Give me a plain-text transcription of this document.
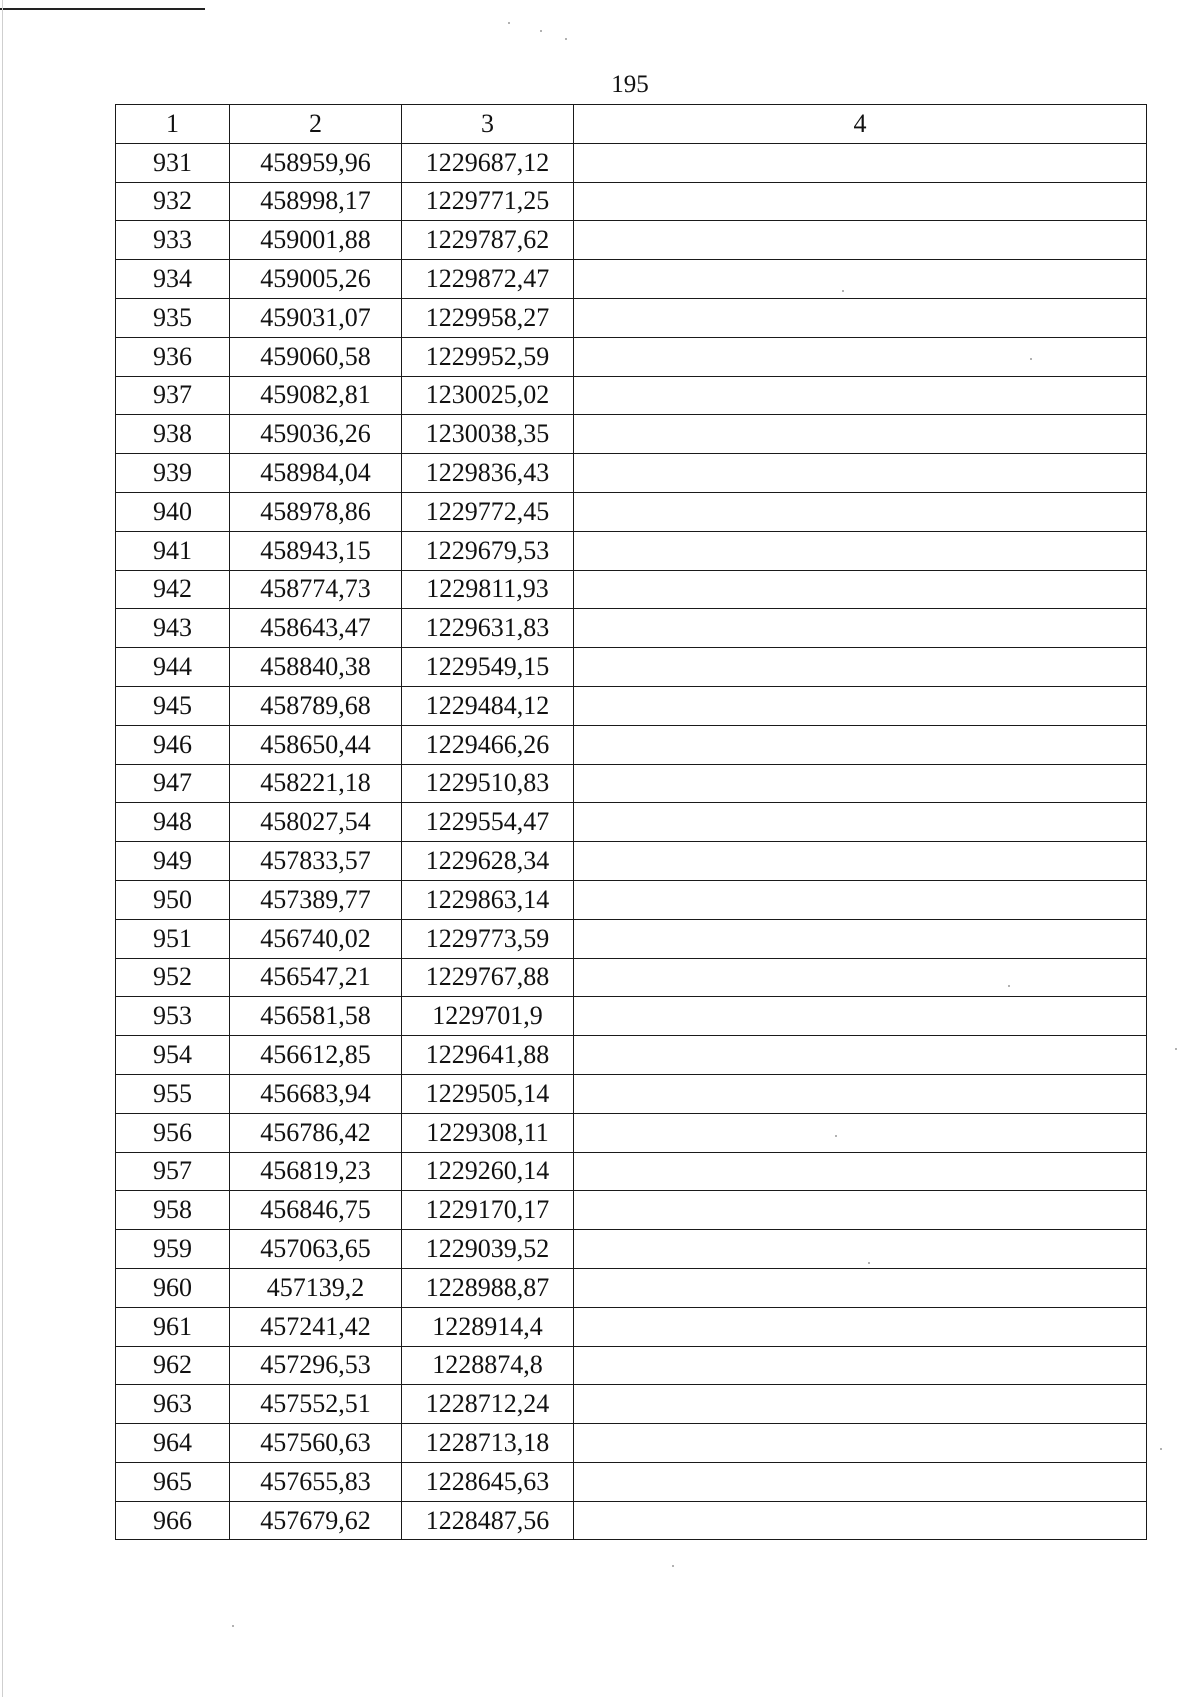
195
1	2	3	4
931	458959,96	1229687,12	
932	458998,17	1229771,25	
933	459001,88	1229787,62	
934	459005,26	1229872,47	
935	459031,07	1229958,27	
936	459060,58	1229952,59	
937	459082,81	1230025,02	
938	459036,26	1230038,35	
939	458984,04	1229836,43	
940	458978,86	1229772,45	
941	458943,15	1229679,53	
942	458774,73	1229811,93	
943	458643,47	1229631,83	
944	458840,38	1229549,15	
945	458789,68	1229484,12	
946	458650,44	1229466,26	
947	458221,18	1229510,83	
948	458027,54	1229554,47	
949	457833,57	1229628,34	
950	457389,77	1229863,14	
951	456740,02	1229773,59	
952	456547,21	1229767,88	
953	456581,58	1229701,9	
954	456612,85	1229641,88	
955	456683,94	1229505,14	
956	456786,42	1229308,11	
957	456819,23	1229260,14	
958	456846,75	1229170,17	
959	457063,65	1229039,52	
960	457139,2	1228988,87	
961	457241,42	1228914,4	
962	457296,53	1228874,8	
963	457552,51	1228712,24	
964	457560,63	1228713,18	
965	457655,83	1228645,63	
966	457679,62	1228487,56	
